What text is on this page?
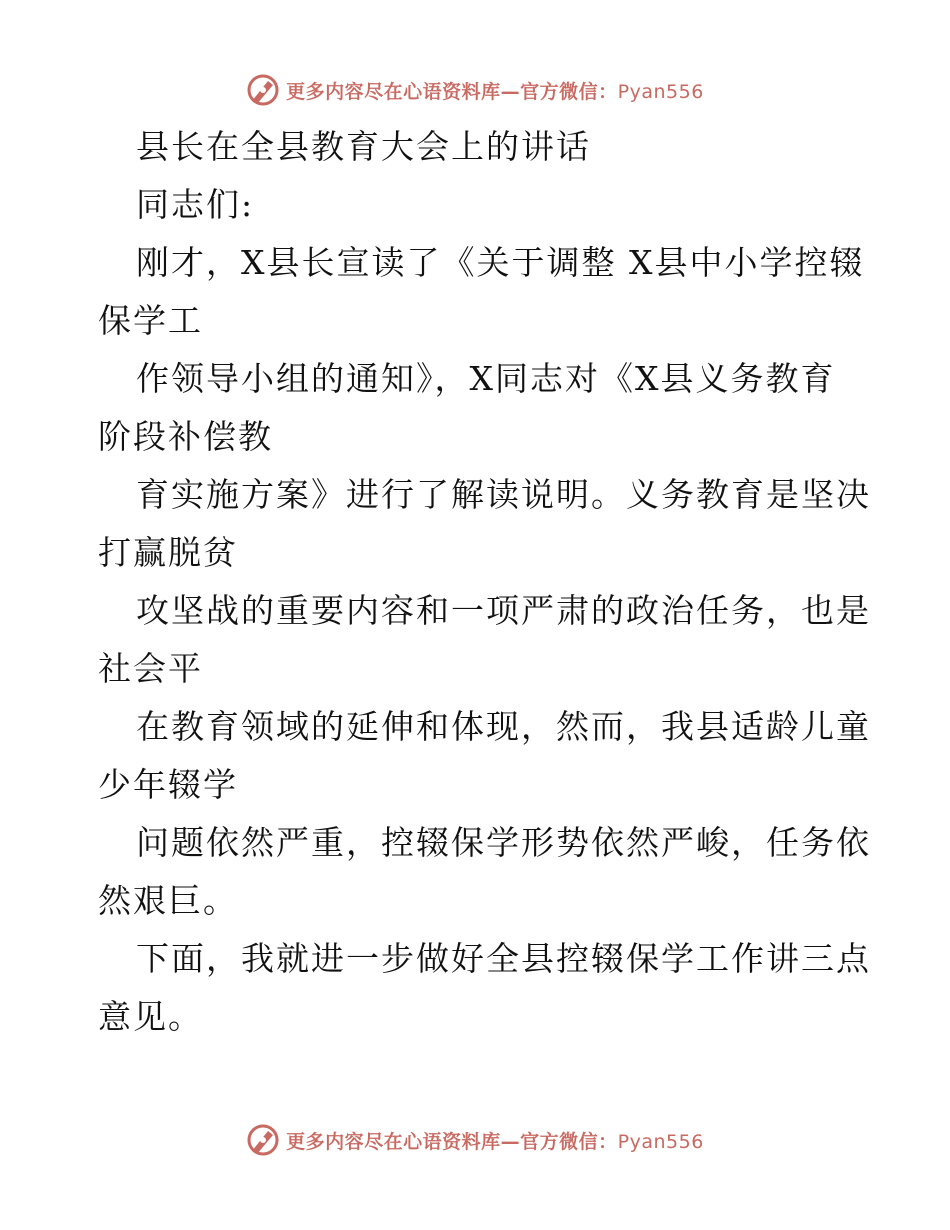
更多内容尽在心语资料库—官方微信：Pyan556
县长在全县教育大会上的讲话
同志们:
刚才，X县长宣读了《关于调整 X县中小学控辍
保学工
作领导小组的通知》，X同志对《X县义务教育
阶段补偿教
育实施方案》进行了解读说明。义务教育是坚决
打赢脱贫
攻坚战的重要内容和一项严肃的政治任务，也是
社会平
在教育领域的延伸和体现，然而，我县适龄儿童
少年辍学
问题依然严重，控辍保学形势依然严峻，任务依
然艰巨。
下面，我就进一步做好全县控辍保学工作讲三点
意见。
更多内容尽在心语资料库—官方微信：Pyan556
